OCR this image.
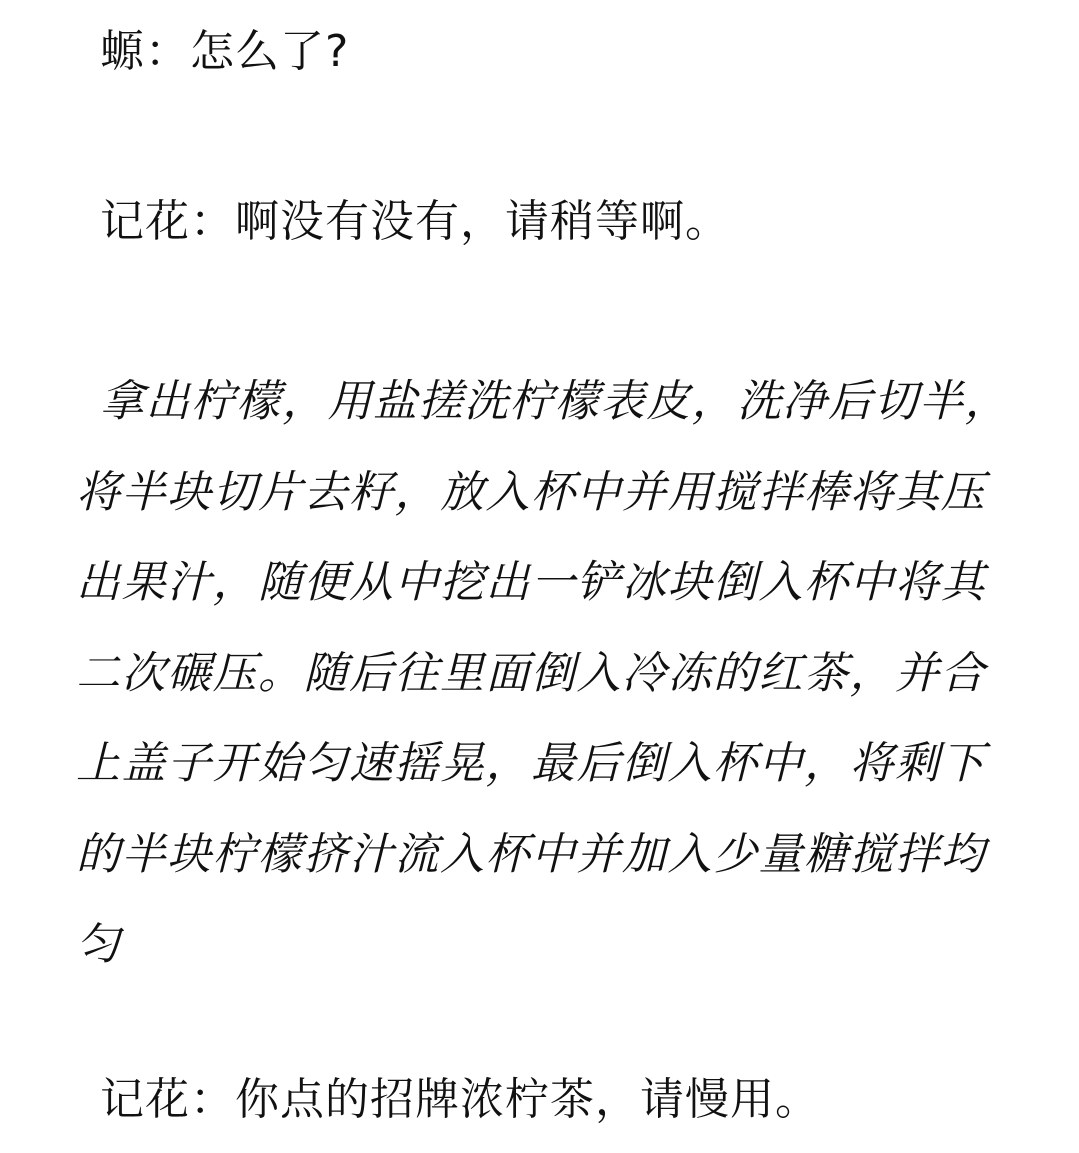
螈：怎么了?
记花：啊没有没有，请稍等啊。

拿出柠檬，用盐搓洗柠檬表皮，洗净后切半，将半块切片去籽，放入杯中并用搅拌棒将其压出果汁，随便从中挖出一铲冰块倒入杯中将其二次碾压。随后往里面倒入冷冻的红茶，并合上盖子开始匀速摇晃，最后倒入杯中，将剩下的半块柠檬挤汁流入杯中并加入少量糖搅拌均匀

记花：你点的招牌浓柠茶，请慢用。
